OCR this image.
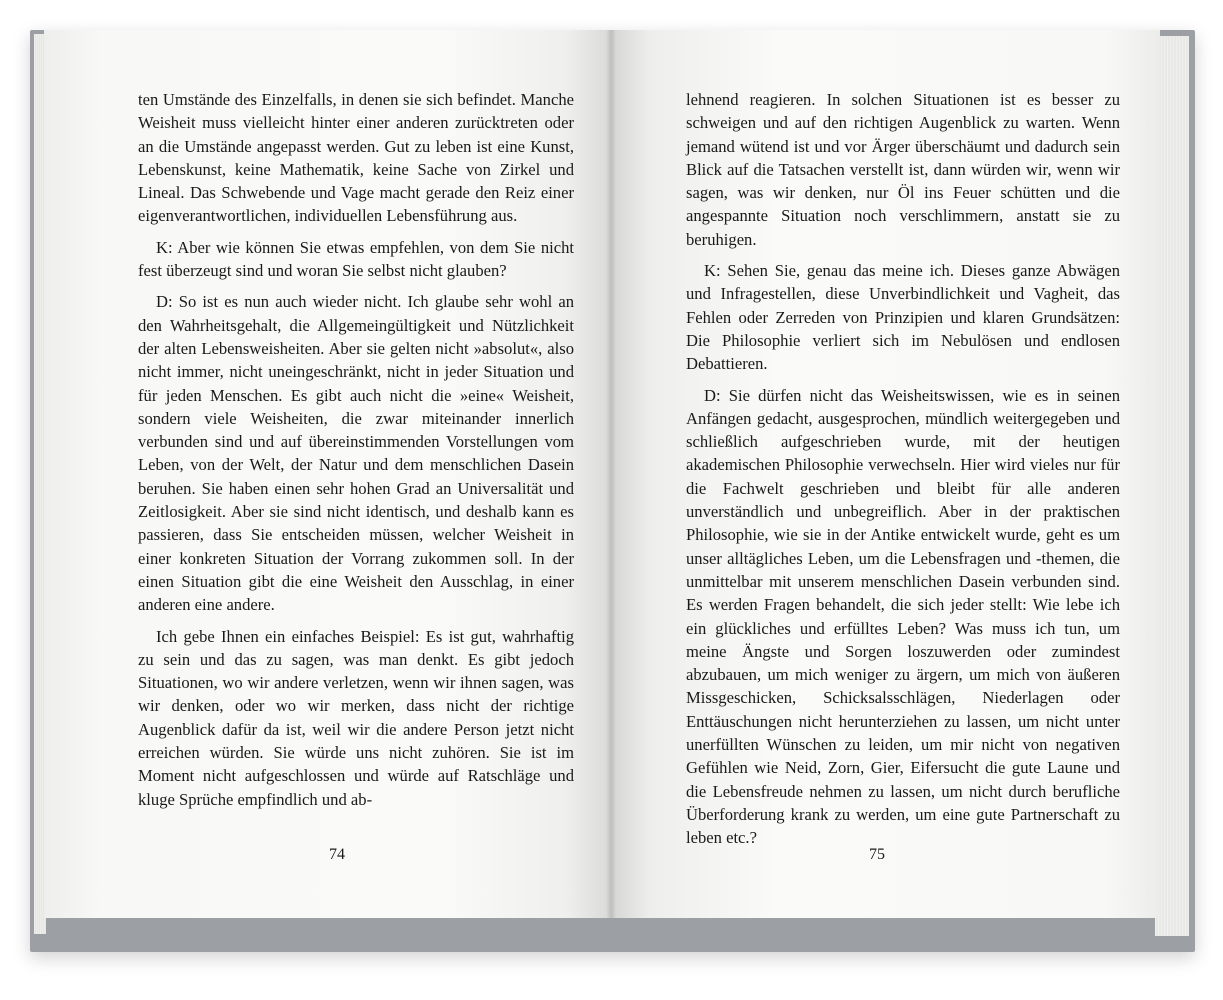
ten Umstände des Einzelfalls, in denen sie sich befindet. Manche Weisheit muss vielleicht hinter einer anderen zurücktreten oder an die Umstände angepasst werden. Gut zu leben ist eine Kunst, Lebenskunst, keine Mathematik, keine Sache von Zirkel und Lineal. Das Schwebende und Vage macht gerade den Reiz einer eigenverantwortlichen, individuellen Lebensführung aus.

K: Aber wie können Sie etwas empfehlen, von dem Sie nicht fest überzeugt sind und woran Sie selbst nicht glauben?

D: So ist es nun auch wieder nicht. Ich glaube sehr wohl an den Wahrheitsgehalt, die Allgemeingültigkeit und Nützlichkeit der alten Lebensweisheiten. Aber sie gelten nicht »absolut«, also nicht immer, nicht uneingeschränkt, nicht in jeder Situation und für jeden Menschen. Es gibt auch nicht die »eine« Weisheit, sondern viele Weisheiten, die zwar miteinander innerlich verbunden sind und auf übereinstimmenden Vorstellungen vom Leben, von der Welt, der Natur und dem menschlichen Dasein beruhen. Sie haben einen sehr hohen Grad an Universalität und Zeitlosigkeit. Aber sie sind nicht identisch, und deshalb kann es passieren, dass Sie entscheiden müssen, welcher Weisheit in einer konkreten Situation der Vorrang zukommen soll. In der einen Situation gibt die eine Weisheit den Ausschlag, in einer anderen eine andere.

Ich gebe Ihnen ein einfaches Beispiel: Es ist gut, wahrhaftig zu sein und das zu sagen, was man denkt. Es gibt jedoch Situationen, wo wir andere verletzen, wenn wir ihnen sagen, was wir denken, oder wo wir merken, dass nicht der richtige Augenblick dafür da ist, weil wir die andere Person jetzt nicht erreichen würden. Sie würde uns nicht zuhören. Sie ist im Moment nicht aufgeschlossen und würde auf Ratschläge und kluge Sprüche empfindlich und ab-

74

lehnend reagieren. In solchen Situationen ist es besser zu schweigen und auf den richtigen Augenblick zu warten. Wenn jemand wütend ist und vor Ärger überschäumt und dadurch sein Blick auf die Tatsachen verstellt ist, dann würden wir, wenn wir sagen, was wir denken, nur Öl ins Feuer schütten und die angespannte Situation noch verschlimmern, anstatt sie zu beruhigen.

K: Sehen Sie, genau das meine ich. Dieses ganze Abwägen und Infragestellen, diese Unverbindlichkeit und Vagheit, das Fehlen oder Zerreden von Prinzipien und klaren Grundsätzen: Die Philosophie verliert sich im Nebulösen und endlosen Debattieren.

D: Sie dürfen nicht das Weisheitswissen, wie es in seinen Anfängen gedacht, ausgesprochen, mündlich weitergegeben und schließlich aufgeschrieben wurde, mit der heutigen akademischen Philosophie verwechseln. Hier wird vieles nur für die Fachwelt geschrieben und bleibt für alle anderen unverständlich und unbegreiflich. Aber in der praktischen Philosophie, wie sie in der Antike entwickelt wurde, geht es um unser alltägliches Leben, um die Lebensfragen und -themen, die unmittelbar mit unserem menschlichen Dasein verbunden sind. Es werden Fragen behandelt, die sich jeder stellt: Wie lebe ich ein glückliches und erfülltes Leben? Was muss ich tun, um meine Ängste und Sorgen loszuwerden oder zumindest abzubauen, um mich weniger zu ärgern, um mich von äußeren Missgeschicken, Schicksalsschlägen, Niederlagen oder Enttäuschungen nicht herunterziehen zu lassen, um nicht unter unerfüllten Wünschen zu leiden, um mir nicht von negativen Gefühlen wie Neid, Zorn, Gier, Eifersucht die gute Laune und die Lebensfreude nehmen zu lassen, um nicht durch berufliche Überforderung krank zu werden, um eine gute Partnerschaft zu leben etc.?

75
